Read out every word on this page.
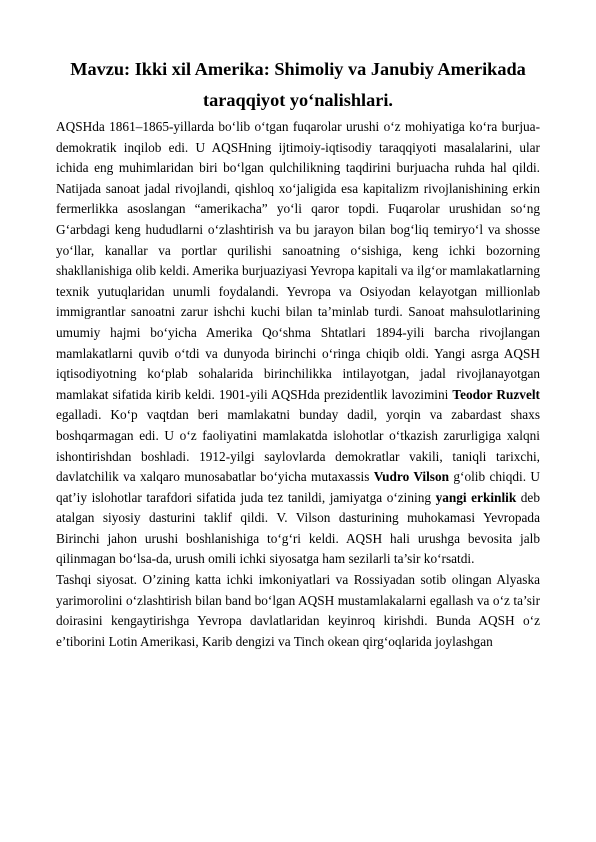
Mavzu: Ikki xil Amerika: Shimoliy va Janubiy Amerikada taraqqiyot yo‘nalishlari.

AQSHda 1861–1865-yillarda bo‘lib o‘tgan fuqarolar urushi o‘z mohiyatiga ko‘ra burjua-demokratik inqilob edi. U AQSHning ijtimoiy-iqtisodiy taraqqiyoti masalalarini, ular ichida eng muhimlaridan biri bo‘lgan qulchilikning taqdirini burjuacha ruhda hal qildi. Natijada sanoat jadal rivojlandi, qishloq xo‘jaligida esa kapitalizm rivojlanishining erkin fermerlikka asoslangan “amerikacha” yo‘li qaror topdi. Fuqarolar urushidan so‘ng G‘arbdagi keng hududlarni o‘zlashtirish va bu jarayon bilan bog‘liq temiryo‘l va shosse yo‘llar, kanallar va portlar qurilishi sanoatning o‘sishiga, keng ichki bozorning shakllanishiga olib keldi. Amerika burjuaziyasi Yevropa kapitali va ilg‘or mamlakatlarning texnik yutuqlaridan unumli foydalandi. Yevropa va Osiyodan kelayotgan millionlab immigrantlar sanoatni zarur ishchi kuchi bilan ta’minlab turdi. Sanoat mahsulotlarining umumiy hajmi bo‘yicha Amerika Qo‘shma Shtatlari 1894-yili barcha rivojlangan mamlakatlarni quvib o‘tdi va dunyoda birinchi o‘ringa chiqib oldi. Yangi asrga AQSH iqtisodiyotning ko‘plab sohalarida birinchilikka intilayotgan, jadal rivojlanayotgan mamlakat sifatida kirib keldi. 1901-yili AQSHda prezidentlik lavozimini Teodor Ruzvelt egalladi. Ko‘p vaqtdan beri mamlakatni bunday dadil, yorqin va zabardast shaxs boshqarmagan edi. U o‘z faoliyatini mamlakatda islohotlar o‘tkazish zarurligiga xalqni ishontirishdan boshladi. 1912-yilgi saylovlarda demokratlar vakili, taniqli tarixchi, davlatchilik va xalqaro munosabatlar bo‘yicha mutaxassis Vudro Vilson g‘olib chiqdi. U qat’iy islohotlar tarafdori sifatida juda tez tanildi, jamiyatga o‘zining yangi erkinlik deb atalgan siyosiy dasturini taklif qildi. V. Vilson dasturining muhokamasi Yevropada Birinchi jahon urushi boshlanishiga to‘g‘ri keldi. AQSH hali urushga bevosita jalb qilinmagan bo‘lsa-da, urush omili ichki siyosatga ham sezilarli ta’sir ko‘rsatdi.

Tashqi siyosat. O’zining katta ichki imkoniyatlari va Rossiyadan sotib olingan Alyaska yarimorolini o‘zlashtirish bilan band bo‘lgan AQSH mustamlakalarni egallash va o‘z ta’sir doirasini kengaytirishga Yevropa davlatlaridan keyinroq kirishdi. Bunda AQSH o‘z e’tiborini Lotin Amerikasi, Karib dengizi va Tinch okean qirg‘oqlarida joylashgan
